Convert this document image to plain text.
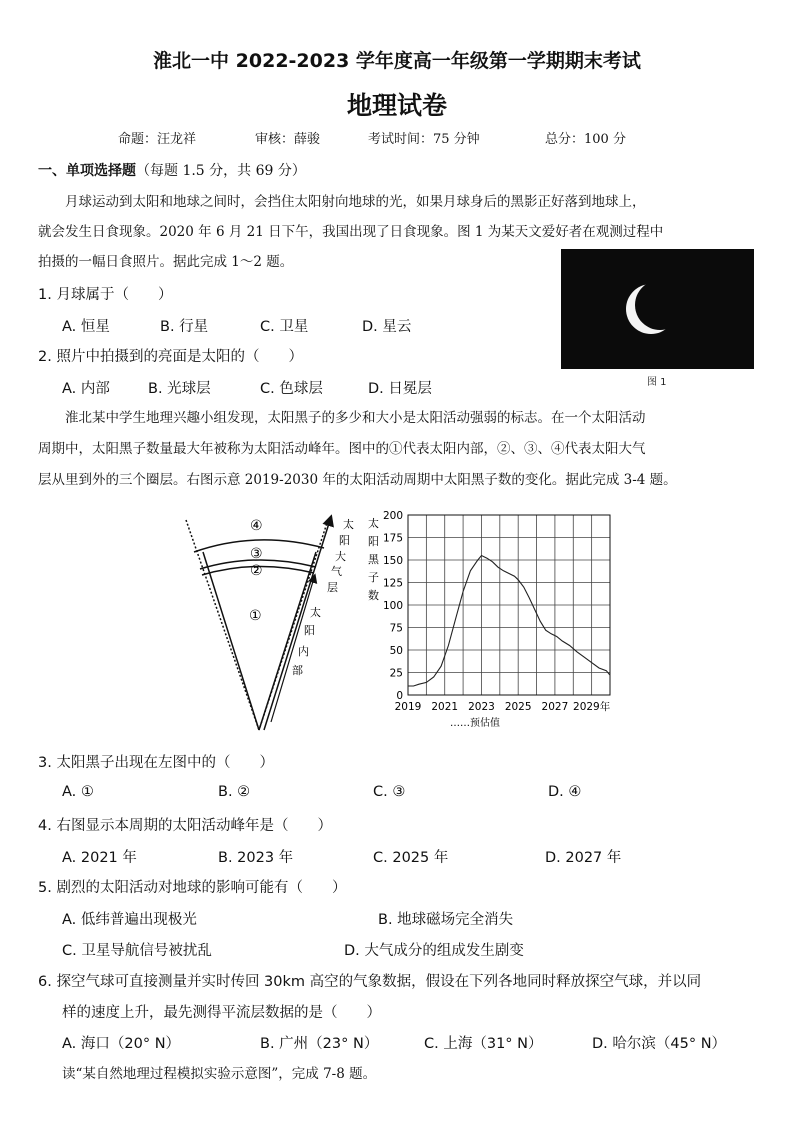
淮北一中 2022-2023 学年度高一年级第一学期期末考试
地理试卷
命题：汪龙祥	审核：薛骏	考试时间：75 分钟	总分：100 分
一、单项选择题（每题 1.5 分，共 69 分）
月球运动到太阳和地球之间时，会挡住太阳射向地球的光，如果月球身后的黑影正好落到地球上，
就会发生日食现象。2020 年 6 月 21 日下午，我国出现了日食现象。图 1 为某天文爱好者在观测过程中
拍摄的一幅日食照片。据此完成 1～2 题。
图 1
1. 月球属于（　　）
A. 恒星	B. 行星	C. 卫星	D. 星云
2. 照片中拍摄到的亮面是太阳的（　　）
A. 内部	B. 光球层	C. 色球层	D. 日冕层
淮北某中学生地理兴趣小组发现，太阳黑子的多少和大小是太阳活动强弱的标志。在一个太阳活动
周期中，太阳黑子数量最大年被称为太阳活动峰年。图中的①代表太阳内部，②、③、④代表太阳大气
层从里到外的三个圈层。右图示意 2019-2030 年的太阳活动周期中太阳黑子数的变化。据此完成 3-4 题。
④
③
②
①
太
阳
大
气
层
太
阳
内
部
0
25
50
75
100
125
150
175
200
2019 2021 2023 2025 2027 2029年
太
阳
黑
子
数
……预估值
3. 太阳黑子出现在左图中的（　　）
A. ①	B. ②	C. ③	D. ④
4. 右图显示本周期的太阳活动峰年是（　　）
A. 2021 年	B. 2023 年	C. 2025 年	D. 2027 年
5. 剧烈的太阳活动对地球的影响可能有（　　）
A. 低纬普遍出现极光	B. 地球磁场完全消失
C. 卫星导航信号被扰乱	D. 大气成分的组成发生剧变
6. 探空气球可直接测量并实时传回 30km 高空的气象数据，假设在下列各地同时释放探空气球，并以同
样的速度上升，最先测得平流层数据的是（　　）
A. 海口（20° N）	B. 广州（23° N）	C. 上海（31° N）	D. 哈尔滨（45° N）
读“某自然地理过程模拟实验示意图”，完成 7-8 题。
